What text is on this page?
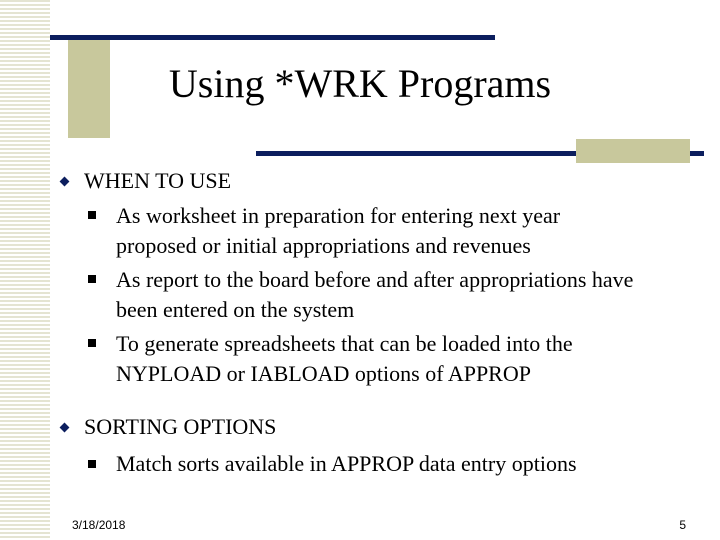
Using *WRK Programs
WHEN TO USE
As worksheet in preparation for entering next year proposed or initial appropriations and revenues
As report to the board before and after appropriations have been entered on the system
To generate spreadsheets that can be loaded into the NYPLOAD or IABLOAD options of APPROP
SORTING OPTIONS
Match sorts available in APPROP data entry options
3/18/2018	5
